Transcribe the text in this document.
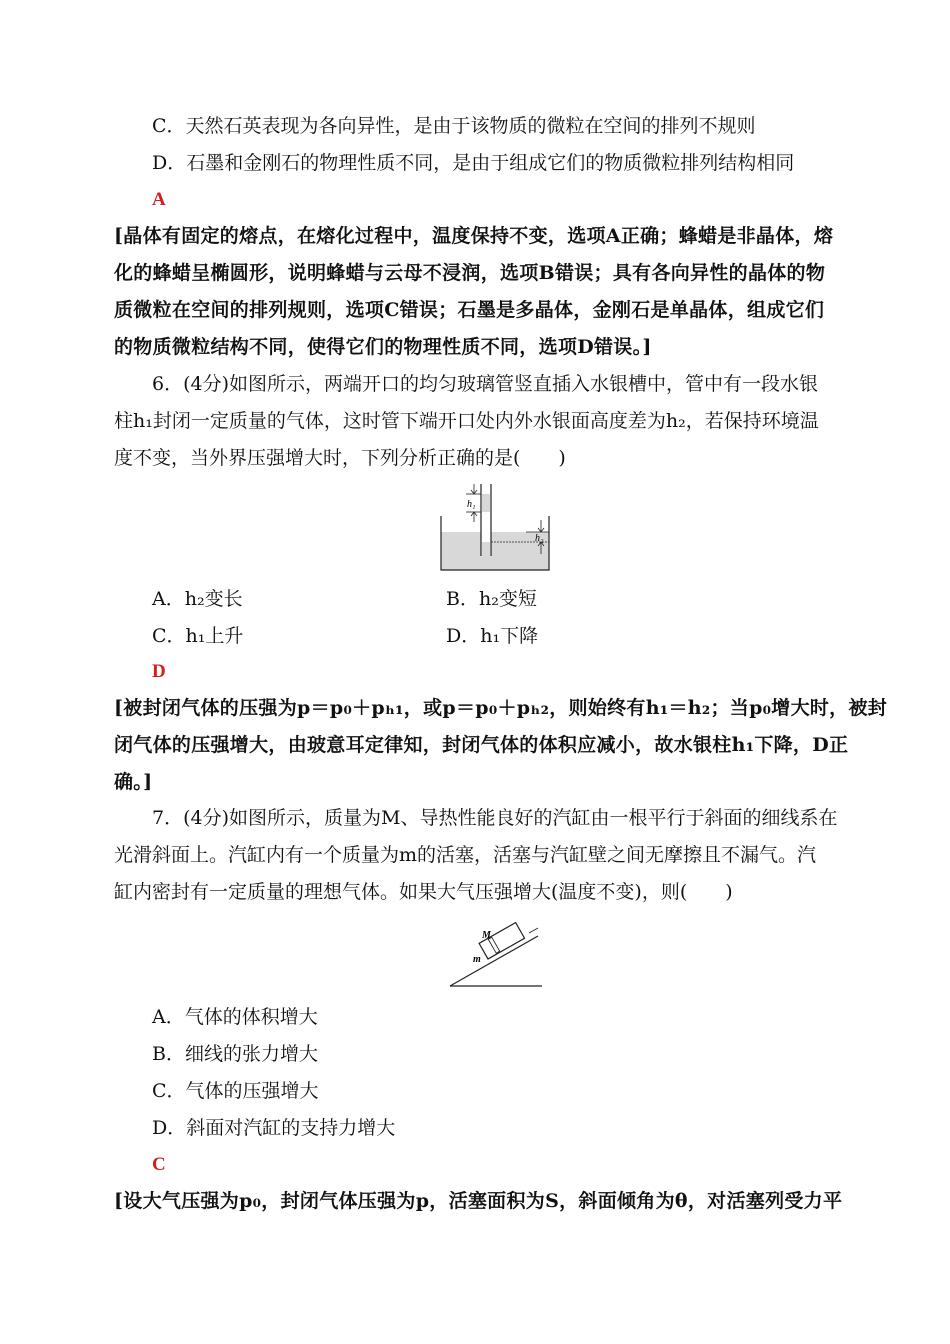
C．天然石英表现为各向异性，是由于该物质的微粒在空间的排列不规则
D．石墨和金刚石的物理性质不同，是由于组成它们的物质微粒排列结构相同
A
[晶体有固定的熔点，在熔化过程中，温度保持不变，选项A正确；蜂蜡是非晶体，熔
化的蜂蜡呈椭圆形，说明蜂蜡与云母不浸润，选项B错误；具有各向异性的晶体的物
质微粒在空间的排列规则，选项C错误；石墨是多晶体，金刚石是单晶体，组成它们
的物质微粒结构不同，使得它们的物理性质不同，选项D错误。]
6．(4分)如图所示，两端开口的均匀玻璃管竖直插入水银槽中，管中有一段水银
柱h₁封闭一定质量的气体，这时管下端开口处内外水银面高度差为h₂，若保持环境温
度不变，当外界压强增大时，下列分析正确的是(　　)
h₁
h₂
A．h₂变长	B．h₂变短
C．h₁上升	D．h₁下降
D
[被封闭气体的压强为p＝p₀＋pₕ₁，或p＝p₀＋pₕ₂，则始终有h₁＝h₂；当p₀增大时，被封
闭气体的压强增大，由玻意耳定律知，封闭气体的体积应减小，故水银柱h₁下降，D正
确。]
7．(4分)如图所示，质量为M、导热性能良好的汽缸由一根平行于斜面的细线系在
光滑斜面上。汽缸内有一个质量为m的活塞，活塞与汽缸壁之间无摩擦且不漏气。汽
缸内密封有一定质量的理想气体。如果大气压强增大(温度不变)，则(　　)
M
m
A．气体的体积增大
B．细线的张力增大
C．气体的压强增大
D．斜面对汽缸的支持力增大
C
[设大气压强为p₀，封闭气体压强为p，活塞面积为S，斜面倾角为θ，对活塞列受力平
